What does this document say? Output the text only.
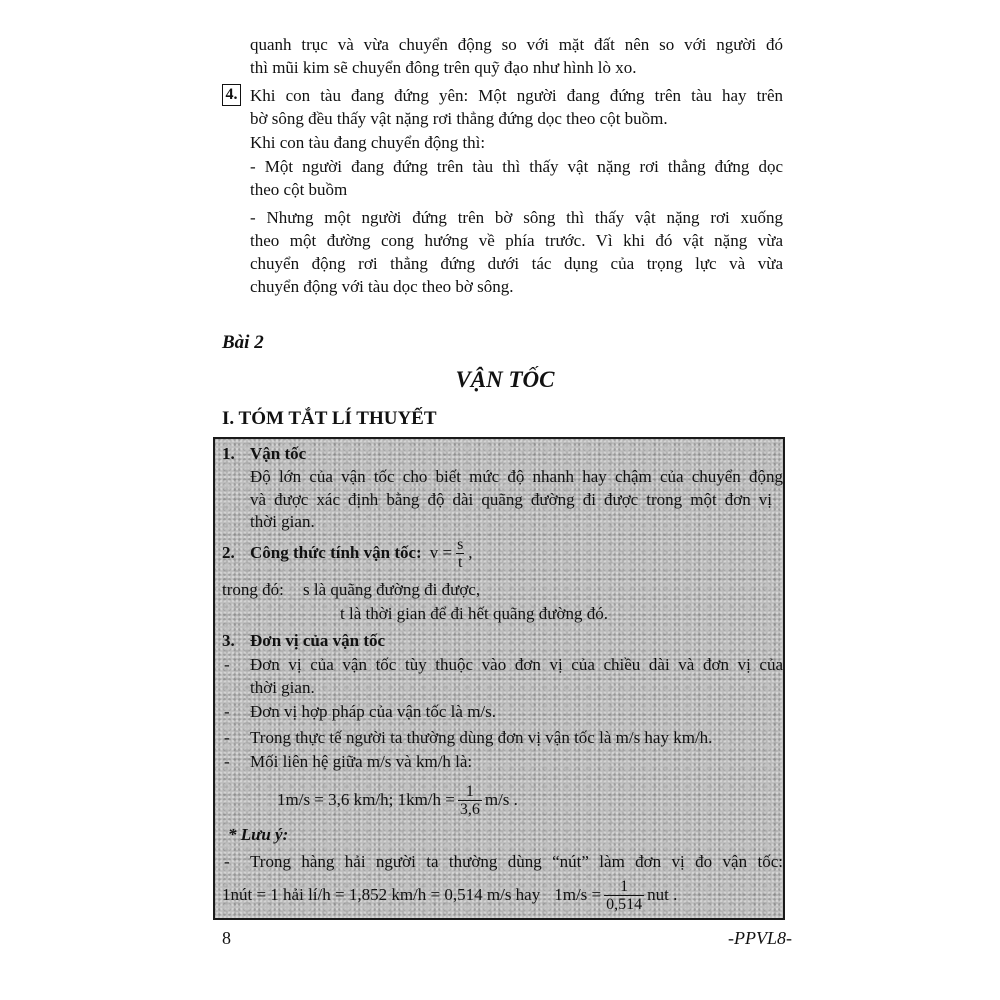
quanh trục và vừa chuyển động so với mặt đất nên so với người đó
thì mũi kim sẽ chuyển đông trên quỹ đạo như hình lò xo.
4. Khi con tàu đang đứng yên: Một người đang đứng trên tàu hay trên
bờ sông đều thấy vật nặng rơi thẳng đứng dọc theo cột buồm.
Khi con tàu đang chuyển động thì:
- Một người đang đứng trên tàu thì thấy vật nặng rơi thẳng đứng dọc
theo cột buồm
- Nhưng một người đứng trên bờ sông thì thấy vật nặng rơi xuống
theo một đường cong hướng về phía trước. Vì khi đó vật nặng vừa
chuyển động rơi thẳng đứng dưới tác dụng của trọng lực và vừa
chuyển động với tàu dọc theo bờ sông.
Bài 2
VẬN TỐC
I. TÓM TẮT LÍ THUYẾT
1. Vận tốc
Độ lớn của vận tốc cho biết mức độ nhanh hay chậm của chuyển động
và được xác định bằng độ dài quãng đường đi được trong một đơn vị
thời gian.
2. Công thức tính vận tốc: $v = \frac{s}{t}$ ,
trong đó: s là quãng đường đi được,
t là thời gian để đi hết quãng đường đó.
3. Đơn vị của vận tốc
- Đơn vị của vận tốc tùy thuộc vào đơn vị của chiều dài và đơn vị của
thời gian.
- Đơn vị hợp pháp của vận tốc là m/s.
- Trong thực tế người ta thường dùng đơn vị vận tốc là m/s hay km/h.
- Mối liên hệ giữa m/s và km/h là:
1m/s = 3,6 km/h; $1km/h = \frac{1}{3,6} m/s$ .
* Lưu ý:
- Trong hàng hải người ta thường dùng “nút” làm đơn vị đo vận tốc:
1nút = 1 hải lí/h = 1,852 km/h = 0,514 m/s hay $1m/s = \frac{1}{0,514}$ nut .
8	-PPVL8-
